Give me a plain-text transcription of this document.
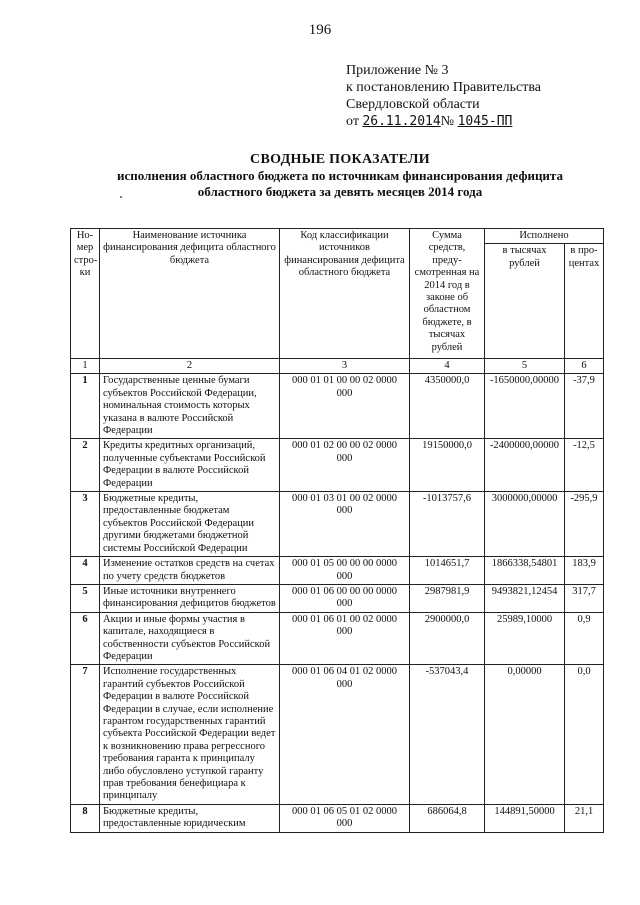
196
Приложение № 3
к постановлению Правительства
Свердловской области
от 26.11.2014№ 1045-ПП
СВОДНЫЕ ПОКАЗАТЕЛИ
исполнения областного бюджета по источникам финансирования дефицита
областного бюджета за девять месяцев 2014 года
Но-мер стро-ки	Наименование источника финансирования дефицита областного бюджета	Код классификации источников финансирования дефицита областного бюджета	Сумма средств, преду-смотренная на 2014 год в законе об областном бюджете, в тысячах рублей	Исполнено	
				в тысячах рублей	в про-центах
1	2	3	4	5	6
1	Государственные ценные бумаги субъектов Российской Федерации, номинальная стоимость которых указана в валюте Российской Федерации	000 01 01 00 00 02 0000 000	4350000,0	-1650000,00000	-37,9
2	Кредиты кредитных организаций, полученные субъектами Российской Федерации в валюте Российской Федерации	000 01 02 00 00 02 0000 000	19150000,0	-2400000,00000	-12,5
3	Бюджетные кредиты, предоставленные бюджетам субъектов Российской Федерации другими бюджетами бюджетной системы Российской Федерации	000 01 03 01 00 02 0000 000	-1013757,6	3000000,00000	-295,9
4	Изменение остатков средств на счетах по учету средств бюджетов	000 01 05 00 00 00 0000 000	1014651,7	1866338,54801	183,9
5	Иные источники внутреннего финансирования дефицитов бюджетов	000 01 06 00 00 00 0000 000	2987981,9	9493821,12454	317,7
6	Акции и иные формы участия в капитале, находящиеся в собственности субъектов Российской Федерации	000 01 06 01 00 02 0000 000	2900000,0	25989,10000	0,9
7	Исполнение государственных гарантий субъектов Российской Федерации в валюте Российской Федерации в случае, если исполнение гарантом государственных гарантий субъекта Российской Федерации ведет к возникновению права регрессного требования гаранта к принципалу либо обусловлено уступкой гаранту прав требования бенефициара к принципалу	000 01 06 04 01 02 0000 000	-537043,4	0,00000	0,0
8	Бюджетные кредиты, предоставленные юридическим	000 01 06 05 01 02 0000 000	686064,8	144891,50000	21,1
